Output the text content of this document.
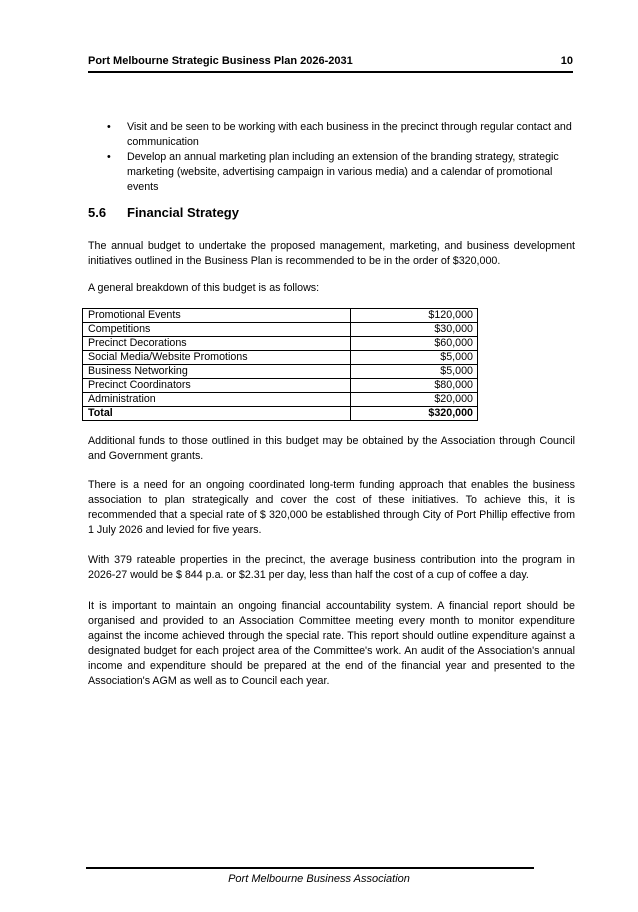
Port Melbourne Strategic Business Plan 2026-2031	10
• Visit and be seen to be working with each business in the precinct through regular contact and communication
• Develop an annual marketing plan including an extension of the branding strategy, strategic marketing (website, advertising campaign in various media) and a calendar of promotional events
5.6	Financial Strategy

The annual budget to undertake the proposed management, marketing, and business development initiatives outlined in the Business Plan is recommended to be in the order of $320,000.

A general breakdown of this budget is as follows:

Promotional Events	$120,000
Competitions	$30,000
Precinct Decorations	$60,000
Social Media/Website Promotions	$5,000
Business Networking	$5,000
Precinct Coordinators	$80,000
Administration	$20,000
Total	$320,000

Additional funds to those outlined in this budget may be obtained by the Association through Council and Government grants.

There is a need for an ongoing coordinated long-term funding approach that enables the business association to plan strategically and cover the cost of these initiatives. To achieve this, it is recommended that a special rate of $ 320,000 be established through City of Port Phillip effective from 1 July 2026 and levied for five years.

With 379 rateable properties in the precinct, the average business contribution into the program in 2026-27 would be $ 844 p.a. or $2.31 per day, less than half the cost of a cup of coffee a day.

It is important to maintain an ongoing financial accountability system. A financial report should be organised and provided to an Association Committee meeting every month to monitor expenditure against the income achieved through the special rate. This report should outline expenditure against a designated budget for each project area of the Committee's work. An audit of the Association's annual income and expenditure should be prepared at the end of the financial year and presented to the Association's AGM as well as to Council each year.

Port Melbourne Business Association
